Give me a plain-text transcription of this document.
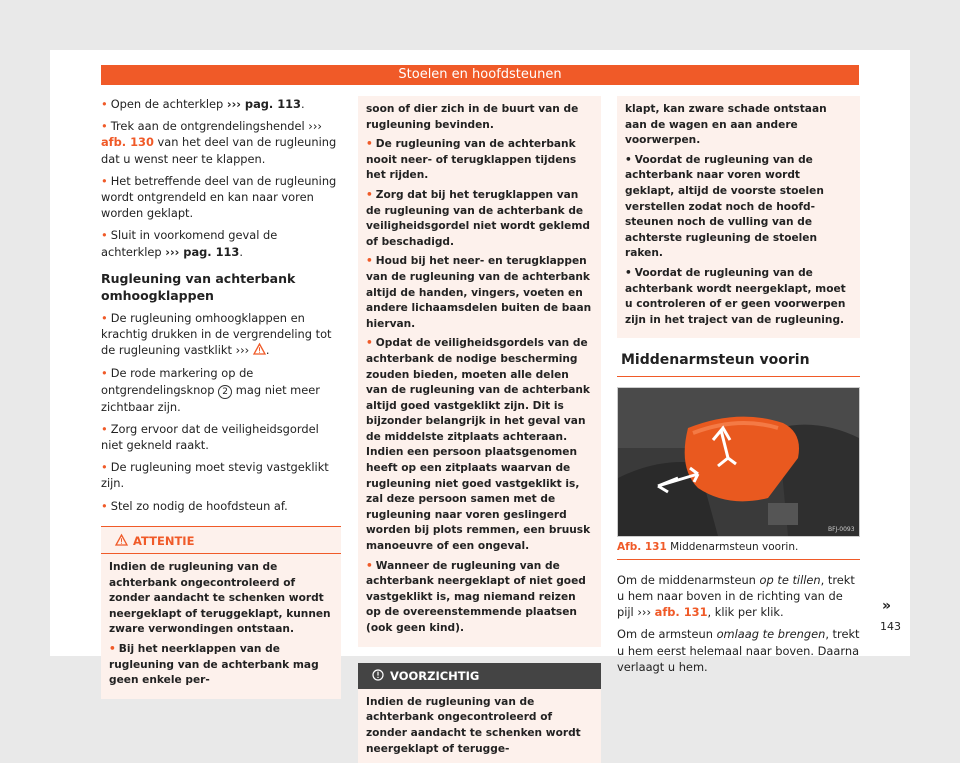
Stoelen en hoofdsteunen
• Open de achterklep ››› pag. 113.
• Trek aan de ontgrendelingshendel ››› afb. 130 van het deel van de rugleuning dat u wenst neer te klappen.
• Het betreffende deel van de rugleuning wordt ontgrendeld en kan naar voren worden geklapt.
• Sluit in voorkomend geval de achterklep ››› pag. 113.
Rugleuning van achterbank omhoogklappen
• De rugleuning omhoogklappen en krachtig drukken in de vergrendeling tot de rugleuning vastklikt ››› .
• De rode markering op de ontgrendelingsknop 2 mag niet meer zichtbaar zijn.
• Zorg ervoor dat de veiligheidsgordel niet gekneld raakt.
• De rugleuning moet stevig vastgeklikt zijn.
• Stel zo nodig de hoofdsteun af.
ATTENTIE
Indien de rugleuning van de achterbank ongecontroleerd of zonder aandacht te schenken wordt neergeklapt of teruggeklapt, kunnen zware verwondingen ontstaan.
• Bij het neerklappen van de rugleuning van de achterbank mag geen enkele per-
soon of dier zich in de buurt van de rugleuning bevinden.
• De rugleuning van de achterbank nooit neer- of terugklappen tijdens het rijden.
• Zorg dat bij het terugklappen van de rugleuning van de achterbank de veiligheidsgordel niet wordt geklemd of beschadigd.
• Houd bij het neer- en terugklappen van de rugleuning van de achterbank altijd de handen, vingers, voeten en andere lichaamsdelen buiten de baan hiervan.
• Opdat de veiligheidsgordels van de achterbank de nodige bescherming zouden bieden, moeten alle delen van de rugleuning van de achterbank altijd goed vastgeklikt zijn. Dit is bijzonder belangrijk in het geval van de middelste zitplaats achteraan. Indien een persoon plaatsgenomen heeft op een zitplaats waarvan de rugleuning niet goed vastgeklikt is, zal deze persoon samen met de rugleuning naar voren geslingerd worden bij plots remmen, een bruusk manoeuvre of een ongeval.
• Wanneer de rugleuning van de achterbank neergeklapt of niet goed vastgeklikt is, mag niemand reizen op de overeenstemmende plaatsen (ook geen kind).
VOORZICHTIG
Indien de rugleuning van de achterbank ongecontroleerd of zonder aandacht te schenken wordt neergeklapt of terugge-
klapt, kan zware schade ontstaan aan de wagen en aan andere voorwerpen.
• Voordat de rugleuning van de achterbank naar voren wordt geklapt, altijd de voorste stoelen verstellen zodat noch de hoofdsteunen noch de vulling van de achterste rugleuning de stoelen raken.
• Voordat de rugleuning van de achterbank wordt neergeklapt, moet u controleren of er geen voorwerpen zijn in het traject van de rugleuning.
Middenarmsteun voorin
BFJ-0093
Afb. 131 Middenarmsteun voorin.
Om de middenarmsteun op te tillen, trekt u hem naar boven in de richting van de pijl ››› afb. 131, klik per klik.
Om de armsteun omlaag te brengen, trekt u hem eerst helemaal naar boven. Daarna verlaagt u hem.
»
143
